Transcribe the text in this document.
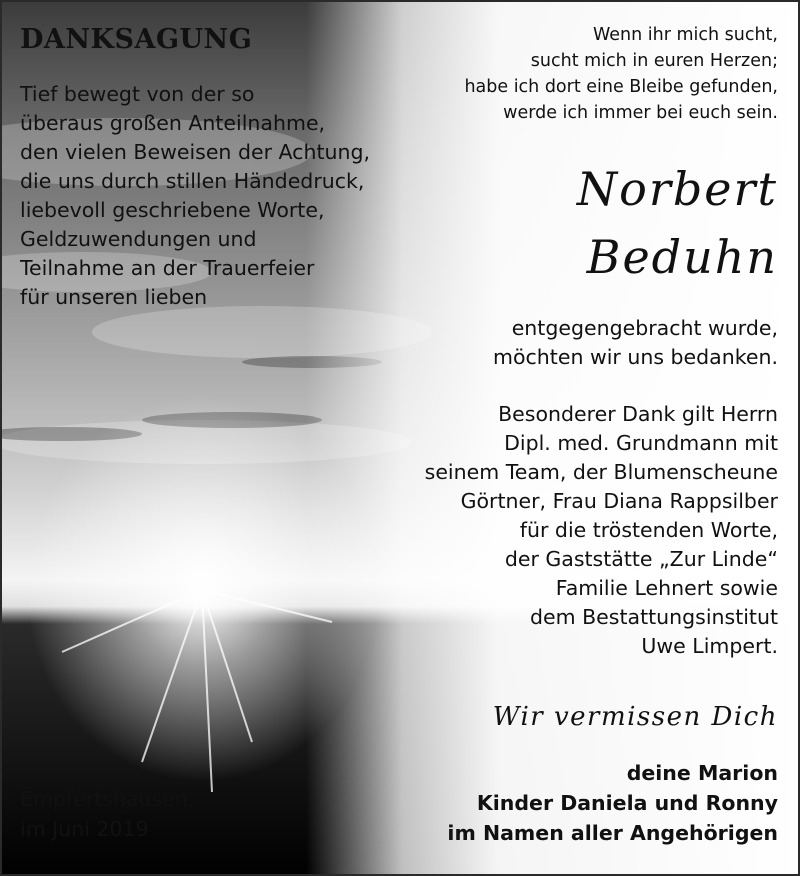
DANKSAGUNG
Tief bewegt von der so
überaus großen Anteilnahme,
den vielen Beweisen der Achtung,
die uns durch stillen Händedruck,
liebevoll geschriebene Worte,
Geldzuwendungen und
Teilnahme an der Trauerfeier
für unseren lieben
Wenn ihr mich sucht,
sucht mich in euren Herzen;
habe ich dort eine Bleibe gefunden,
werde ich immer bei euch sein.
Norbert
Beduhn
entgegengebracht wurde,
möchten wir uns bedanken.
Besonderer Dank gilt Herrn
Dipl. med. Grundmann mit
seinem Team, der Blumenscheune
Görtner, Frau Diana Rappsilber
für die tröstenden Worte,
der Gaststätte „Zur Linde“
Familie Lehnert sowie
dem Bestattungsinstitut
Uwe Limpert.
Wir vermissen Dich
deine Marion
Kinder Daniela und Ronny
im Namen aller Angehörigen
Empfertshausen,
im Juni 2019
